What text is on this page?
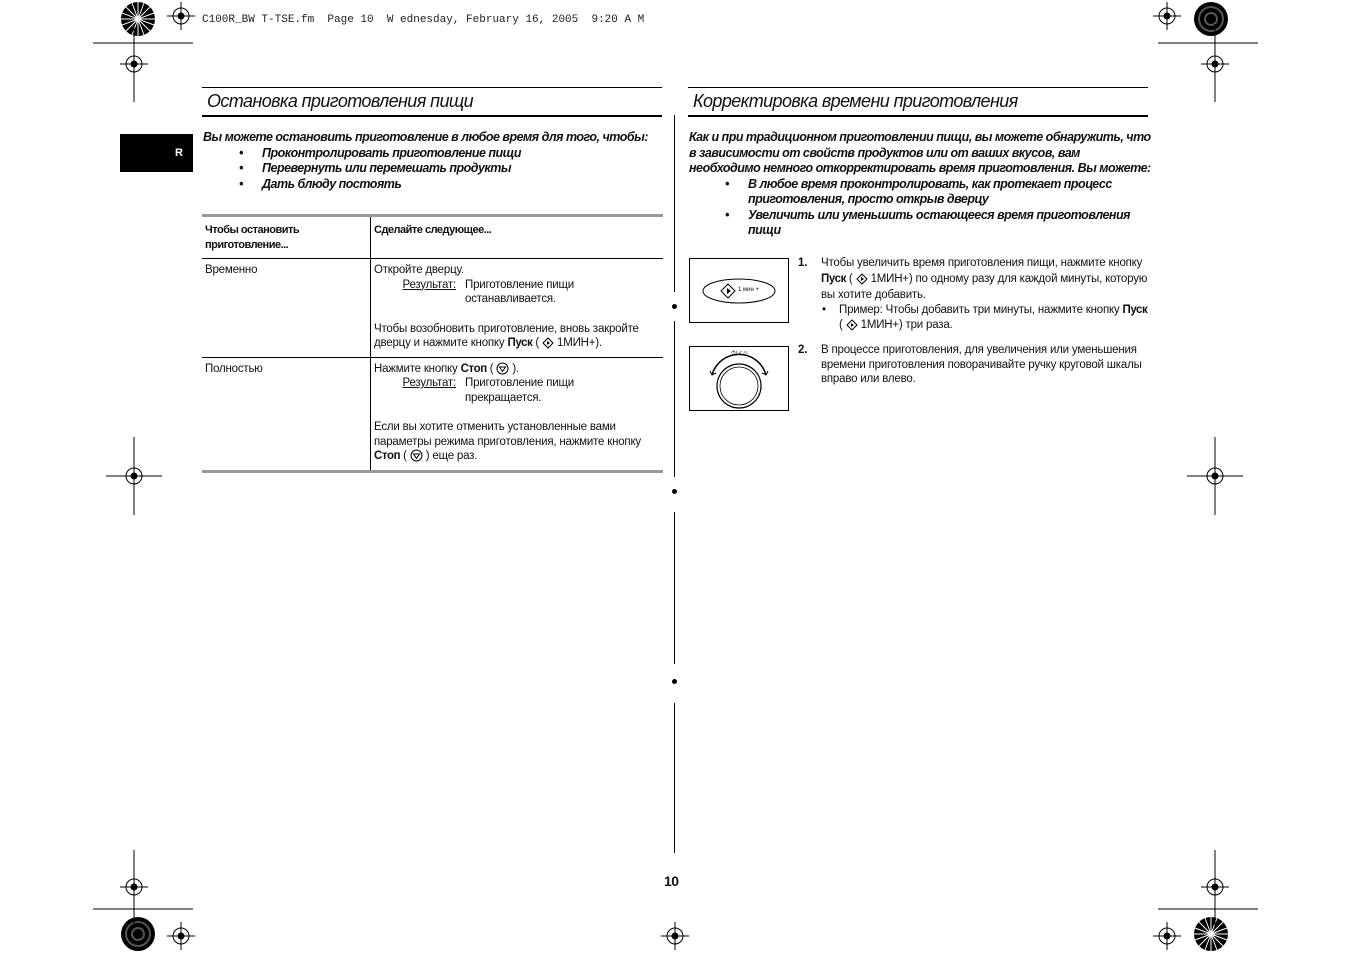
C100R_BW T-TSE.fm  Page 10  W ednesday, February 16, 2005  9:20 A M
R
Остановка приготовления пищи
Вы можете остановить приготовление в любое время для того, чтобы:
• Проконтролировать приготовление пищи
• Перевернуть или перемешать продукты
• Дать блюду постоять
Чтобы остановить приготовление...	Сделайте следующее...
Временно	Откройте дверцу.
Результат: Приготовление пищи останавливается.
Чтобы возобновить приготовление, вновь закройте дверцу и нажмите кнопку Пуск (  1МИН+).

Полностью	Нажмите кнопку Стоп (  ).
Результат: Приготовление пищи прекращается.
Если вы хотите отменить установленные вами параметры режима приготовления, нажмите кнопку Стоп (  ) еще раз.
Корректировка времени приготовления
Как и при традиционном приготовлении пищи, вы можете обнаружить, что в зависимости от свойств продуктов или от ваших вкусов, вам необходимо немного откорректировать время приготовления. Вы можете:
• В любое время проконтролировать, как протекает процесс приготовления, просто открыв дверцу
• Увеличить или уменьшить остающееся время приготовления пищи
1 мин +
⏱/✓ ⊙
1. Чтобы увеличить время приготовления пищи, нажмите кнопку Пуск (  1МИН+) по одному разу для каждой минуты, которую вы хотите добавить.
• Пример: Чтобы добавить три минуты, нажмите кнопку Пуск (  1МИН+) три раза.
2. В процессе приготовления, для увеличения или уменьшения времени приготовления поворачивайте ручку круговой шкалы вправо или влево.
10
